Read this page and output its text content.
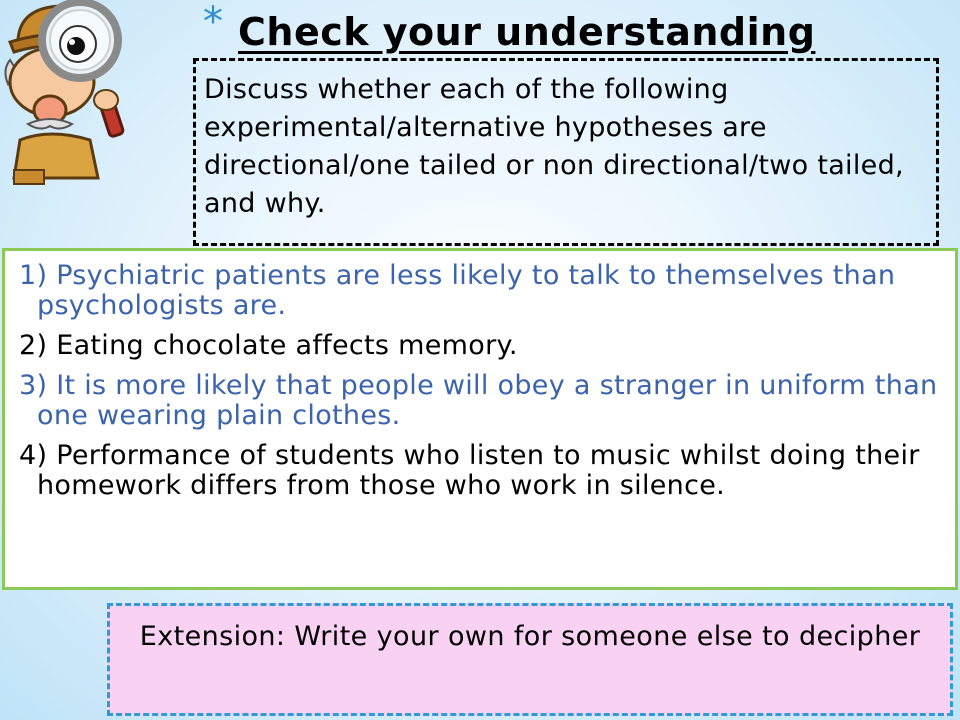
* Check your understanding
Discuss whether each of the following experimental/alternative hypotheses are directional/one tailed or non directional/two tailed, and why.
1) Psychiatric patients are less likely to talk to themselves than psychologists are.
2) Eating chocolate affects memory.
3) It is more likely that people will obey a stranger in uniform than one wearing plain clothes.
4) Performance of students who listen to music whilst doing their homework differs from those who work in silence.
Extension: Write your own for someone else to decipher
